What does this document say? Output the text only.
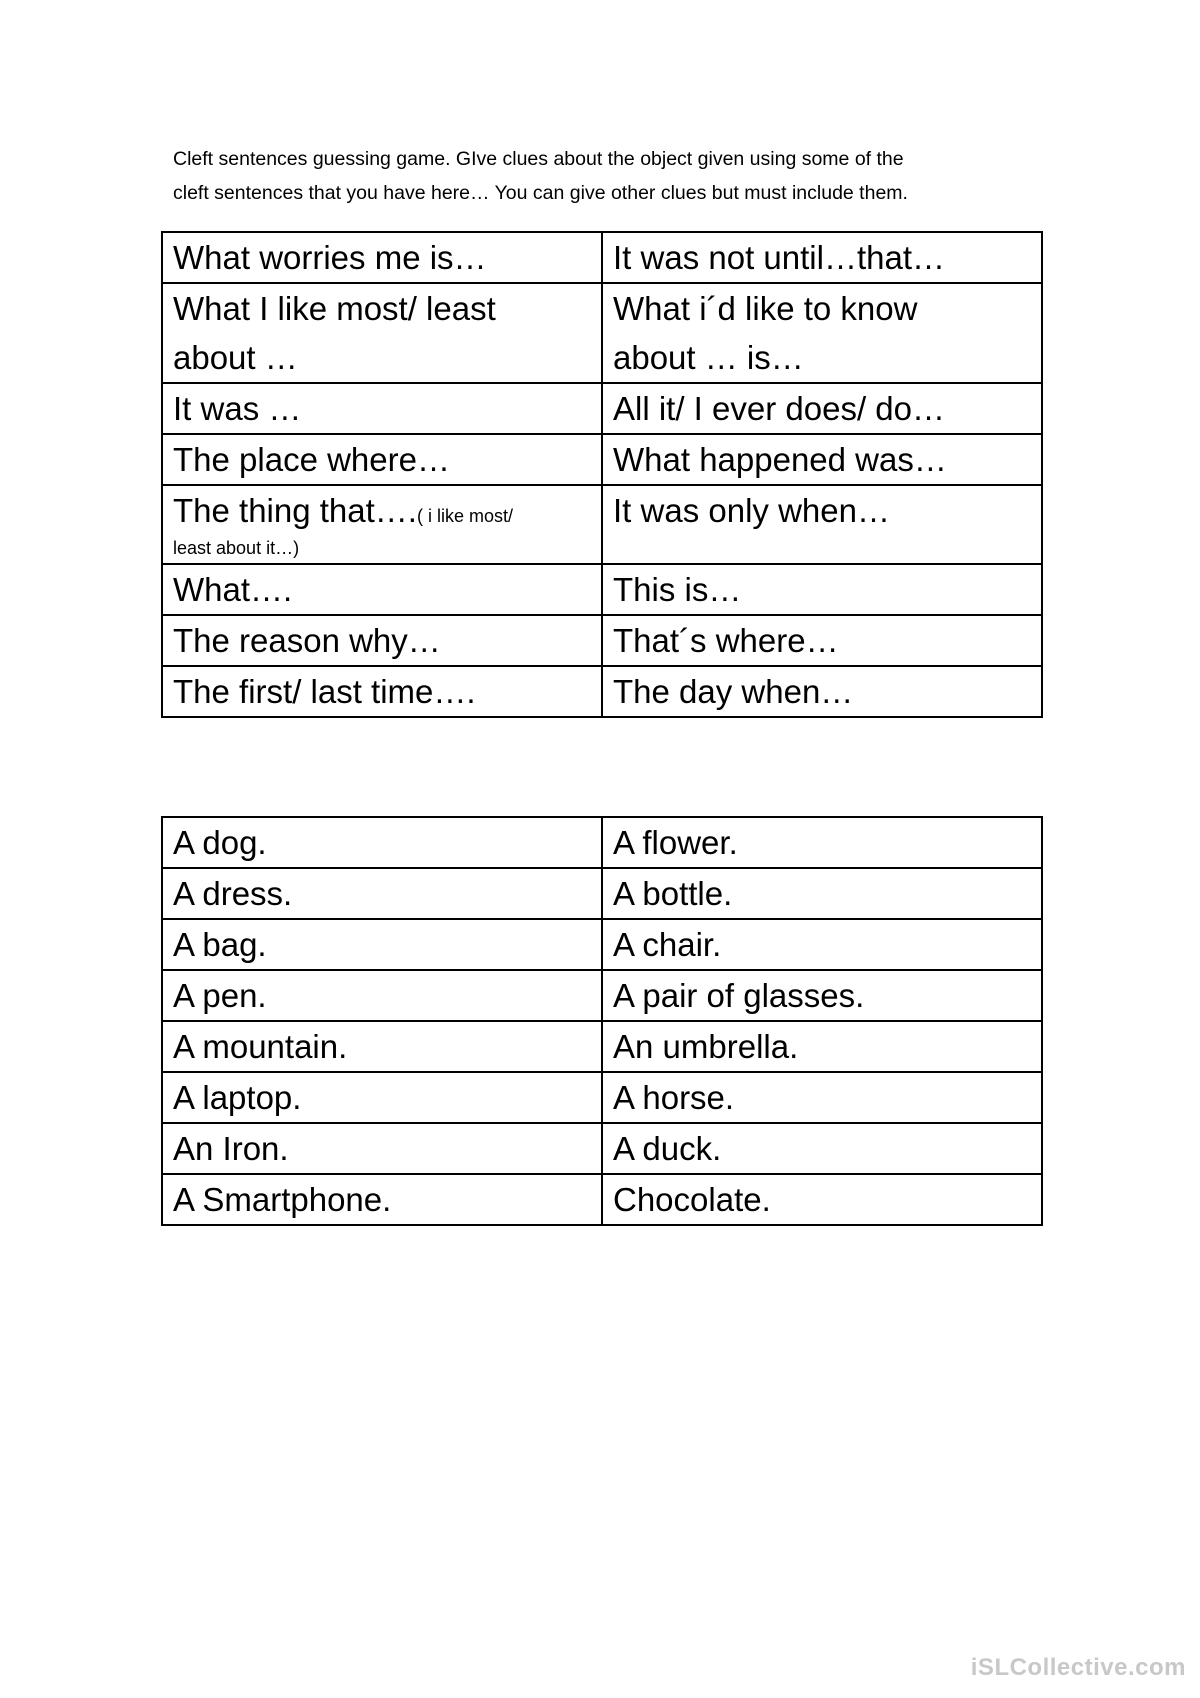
Cleft sentences guessing game. GIve clues about the object given using some of the
cleft sentences that you have here… You can give other clues but must include them.

What worries me is…	It was not until…that…
What I like most/ least about …	What i´d like to know about … is…
It was …	All it/ I ever does/ do…
The place where…	What happened was…
The thing that….( i like most/
least about it…)	It was only when…
What….	This is…
The reason why…	That´s where…
The first/ last time….	The day when…
A dog.	A flower.
A dress.	A bottle.
A bag.	A chair.
A pen.	A pair of glasses.
A mountain.	An umbrella.
A laptop.	A horse.
An Iron.	A duck.
A Smartphone.	Chocolate.
iSLCollective.com
